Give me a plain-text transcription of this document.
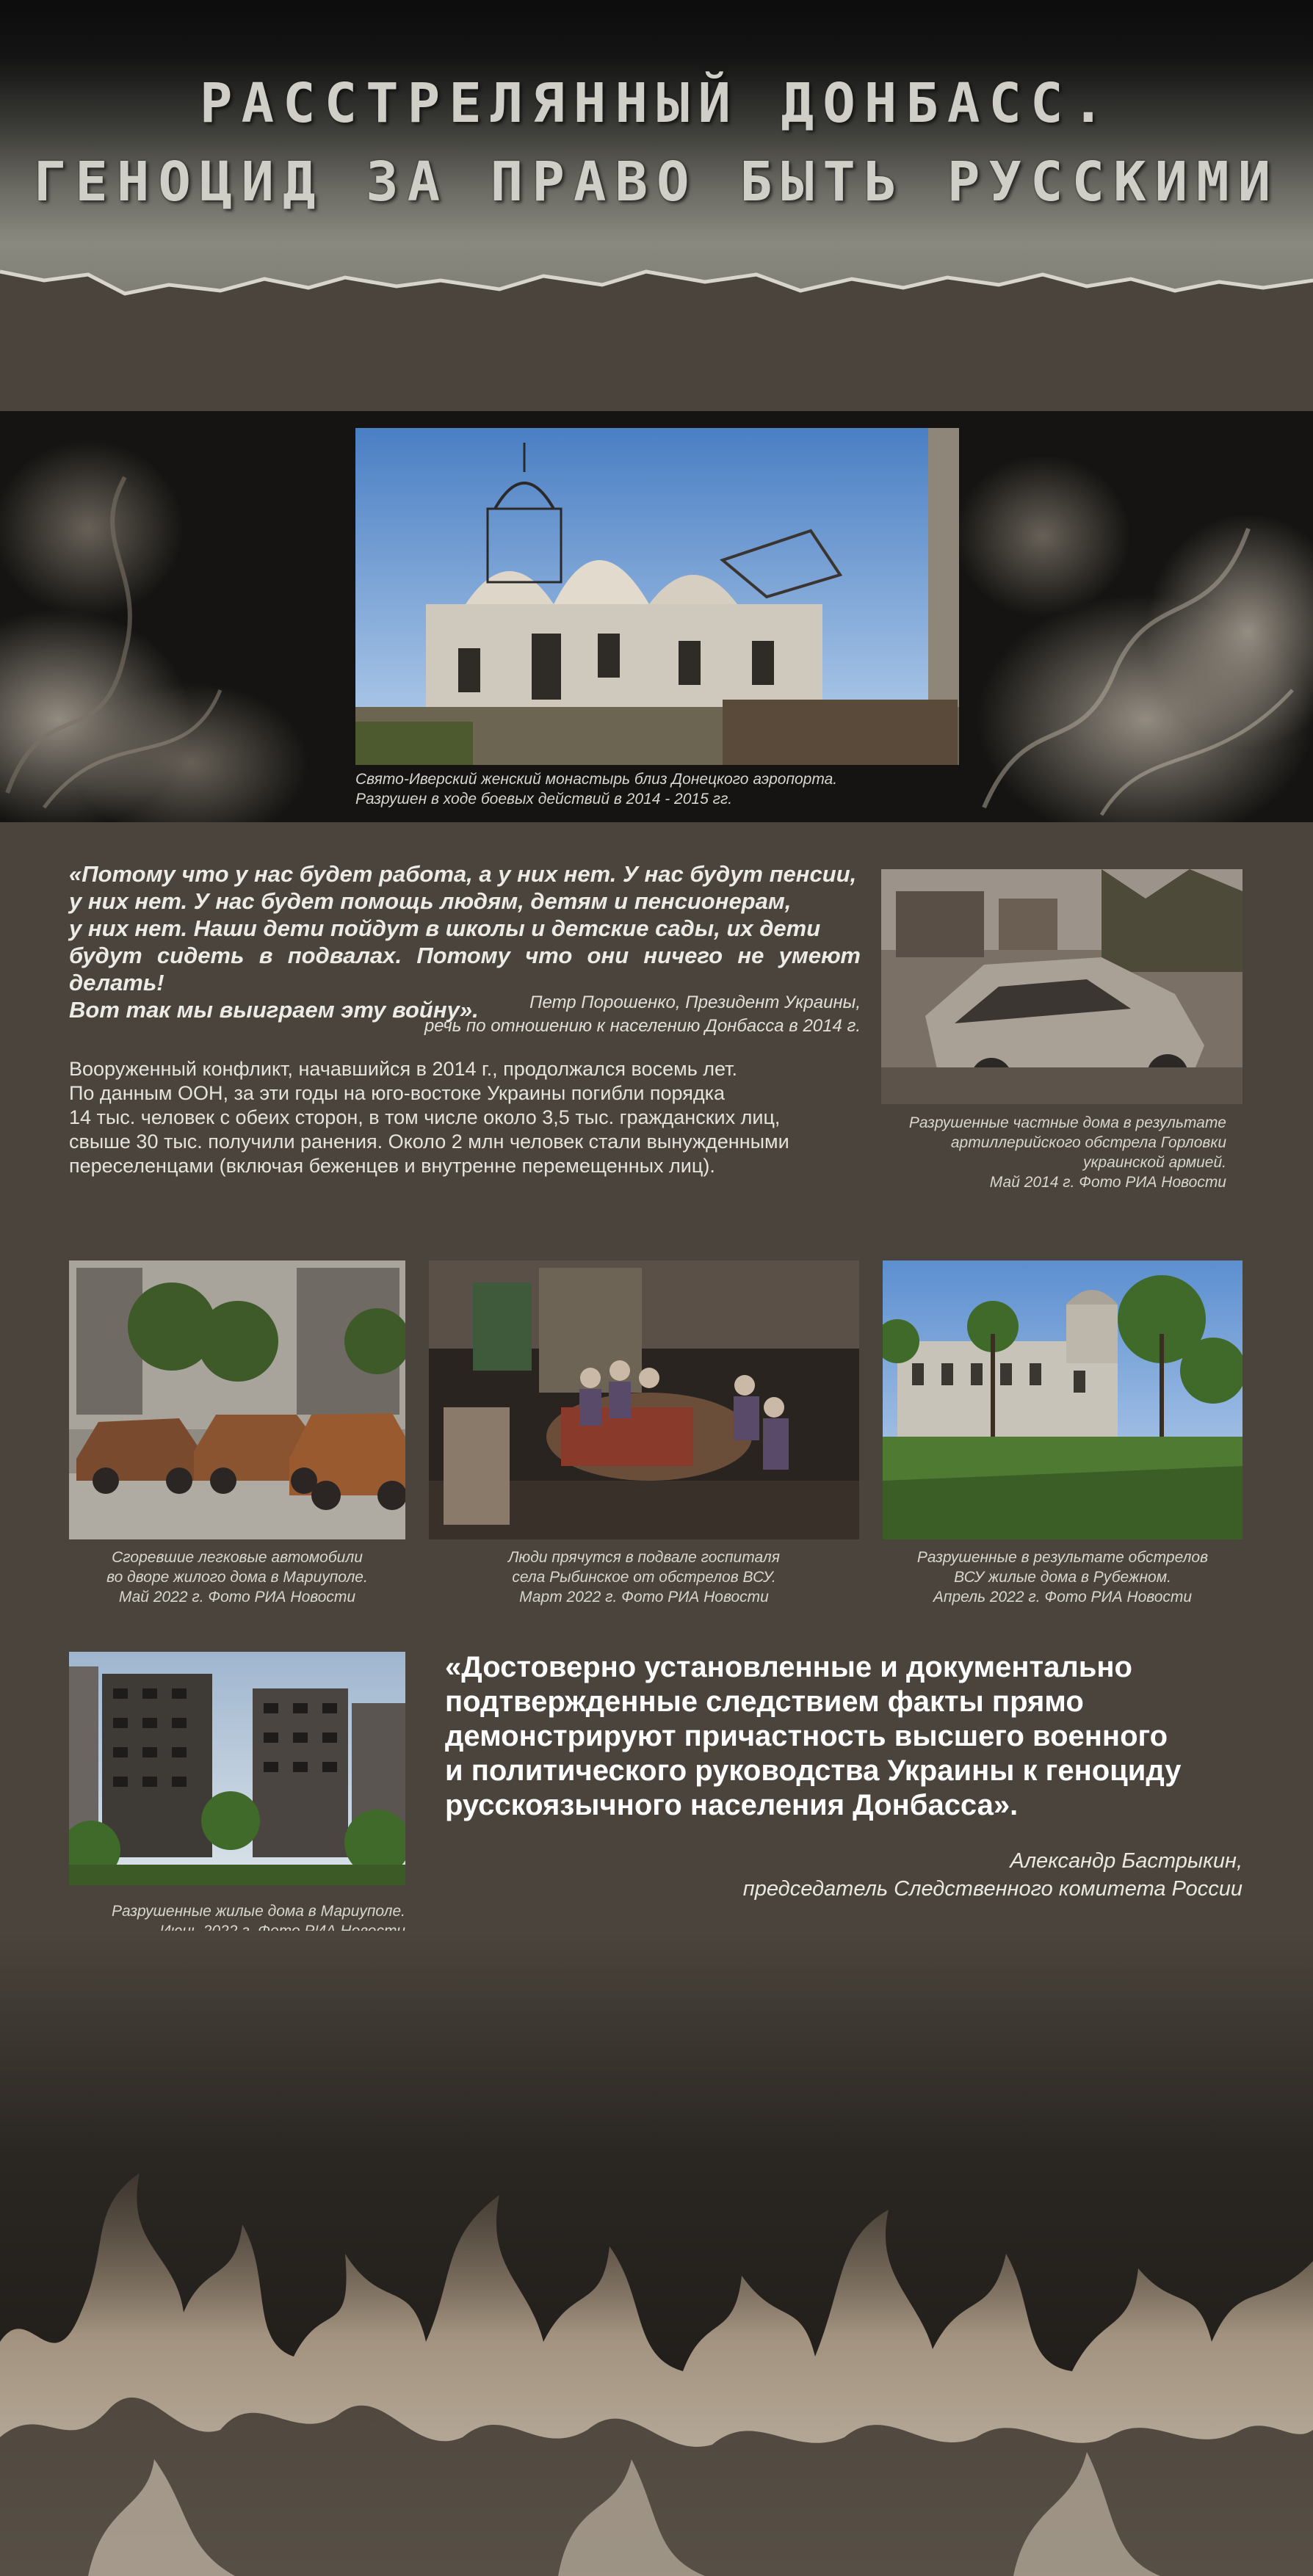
РАССТРЕЛЯННЫЙ ДОНБАСС.
ГЕНОЦИД ЗА ПРАВО БЫТЬ РУССКИМИ
Свято-Иверский женский монастырь близ Донецкого аэропорта.
Разрушен в ходе боевых действий в 2014 - 2015 гг.
«Потому что у нас будет работа, а у них нет. У нас будут пенсии,
у них нет. У нас будет помощь людям, детям и пенсионерам,
у них нет. Наши дети пойдут в школы и детские сады, их дети
будут сидеть в подвалах. Потому что они ничего не умеют делать!
Вот так мы выиграем эту войну».	Петр Порошенко, Президент Украины,
речь по отношению к населению Донбасса в 2014 г.
Вооруженный конфликт, начавшийся в 2014 г., продолжался восемь лет.
По данным ООН, за эти годы на юго-востоке Украины погибли порядка
14 тыс. человек с обеих сторон, в том числе около 3,5 тыс. гражданских лиц,
свыше 30 тыс. получили ранения. Около 2 млн человек стали вынужденными
переселенцами (включая беженцев и внутренне перемещенных лиц).
Разрушенные частные дома в результате
артиллерийского обстрела Горловки
украинской армией.
Май 2014 г. Фото РИА Новости
Сгоревшие легковые автомобили
во дворе жилого дома в Мариуполе.
Май 2022 г. Фото РИА Новости
Люди прячутся в подвале госпиталя
села Рыбинское от обстрелов ВСУ.
Март 2022 г. Фото РИА Новости
Разрушенные в результате обстрелов
ВСУ жилые дома в Рубежном.
Апрель 2022 г. Фото РИА Новости
Разрушенные жилые дома в Мариуполе.
«Достоверно установленные и документально
подтвержденные следствием факты прямо
демонстрируют причастность высшего военного
и политического руководства Украины к геноциду
русскоязычного населения Донбасса».
Александр Бастрыкин,
председатель Следственного комитета России
